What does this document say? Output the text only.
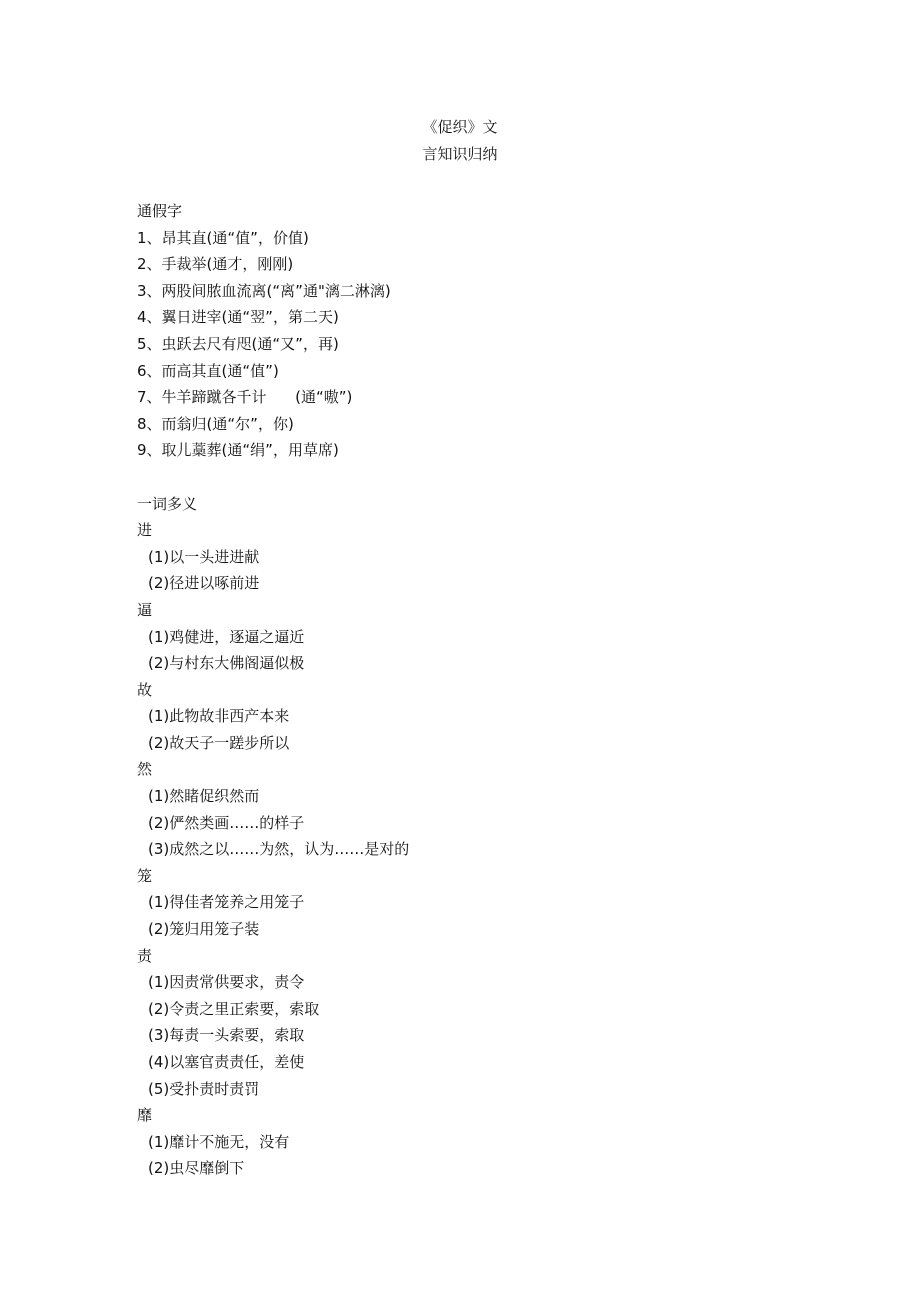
《促织》文
言知识归纳
通假字
1、昂其直(通“值”，价值)
2、手裁举(通才，刚刚)
3、两股间脓血流离(“离”通"漓二淋漓)
4、翼日进宰(通“翌”，第二天)
5、虫跃去尺有咫(通“又”，再)
6、而高其直(通“值”)
7、牛羊蹄蹴各千计      (通“嗷”)
8、而翁归(通“尔”，你)
9、取儿藁葬(通“绢”，用草席)
一词多义
进
(1)以一头进进献
(2)径进以啄前进
逼
(1)鸡健进，逐逼之逼近
(2)与村东大佛阁逼似极
故
(1)此物故非西产本来
(2)故天子一蹉步所以
然
(1)然睹促织然而
(2)俨然类画……的样子
(3)成然之以……为然，认为……是对的
笼
(1)得佳者笼养之用笼子
(2)笼归用笼子装
责
(1)因责常供要求，责令
(2)令责之里正索要，索取
(3)每责一头索要，索取
(4)以塞官责责任，差使
(5)受扑责时责罚
靡
(1)靡计不施无，没有
(2)虫尽靡倒下
